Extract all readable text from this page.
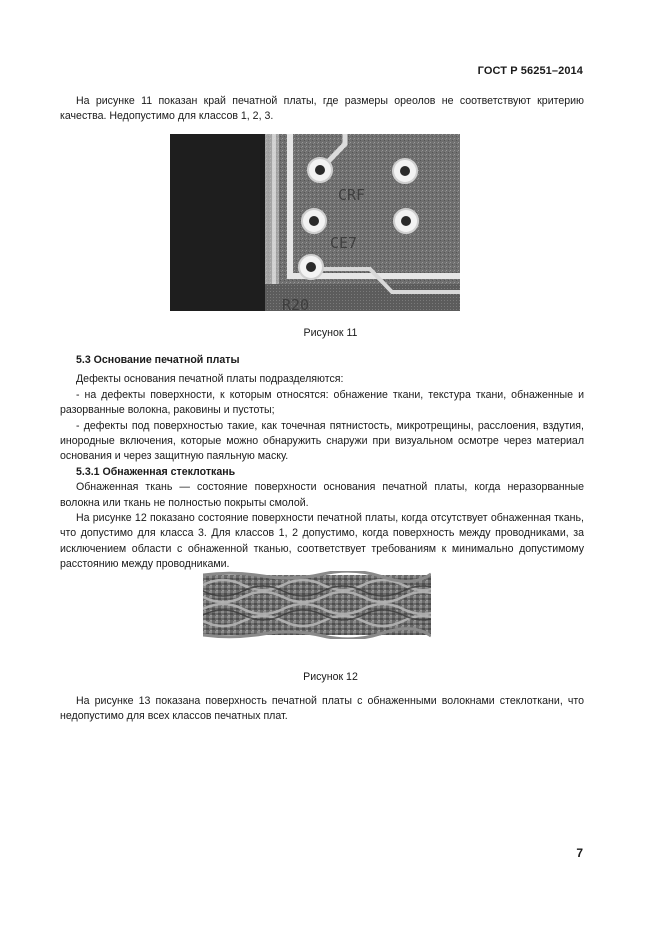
ГОСТ Р 56251–2014

На рисунке 11 показан край печатной платы, где размеры ореолов не соответствуют критерию качества. Недопустимо для классов 1, 2, 3.

CRF
CE7
R20
Рисунок 11

5.3 Основание печатной платы

Дефекты основания печатной платы подразделяются:

- на дефекты поверхности, к которым относятся: обнажение ткани, текстура ткани, обнаженные и разорванные волокна, раковины и пустоты;

- дефекты под поверхностью такие, как точечная пятнистость, микротрещины, расслоения, вздутия, инородные включения, которые можно обнаружить снаружи при визуальном осмотре через материал основания и через защитную паяльную маску.

5.3.1 Обнаженная стеклоткань

Обнаженная ткань — состояние поверхности основания печатной платы, когда неразорванные волокна или ткань не полностью покрыты смолой.

На рисунке 12 показано состояние поверхности печатной платы, когда отсутствует обнаженная ткань, что допустимо для класса 3. Для классов 1, 2 допустимо, когда поверхность между проводниками, за исключением области с обнаженной тканью, соответствует требованиям к минимально допустимому расстоянию между проводниками.

Рисунок 12

На рисунке 13 показана поверхность печатной платы с обнаженными волокнами стеклоткани, что недопустимо для всех классов печатных плат.

7
